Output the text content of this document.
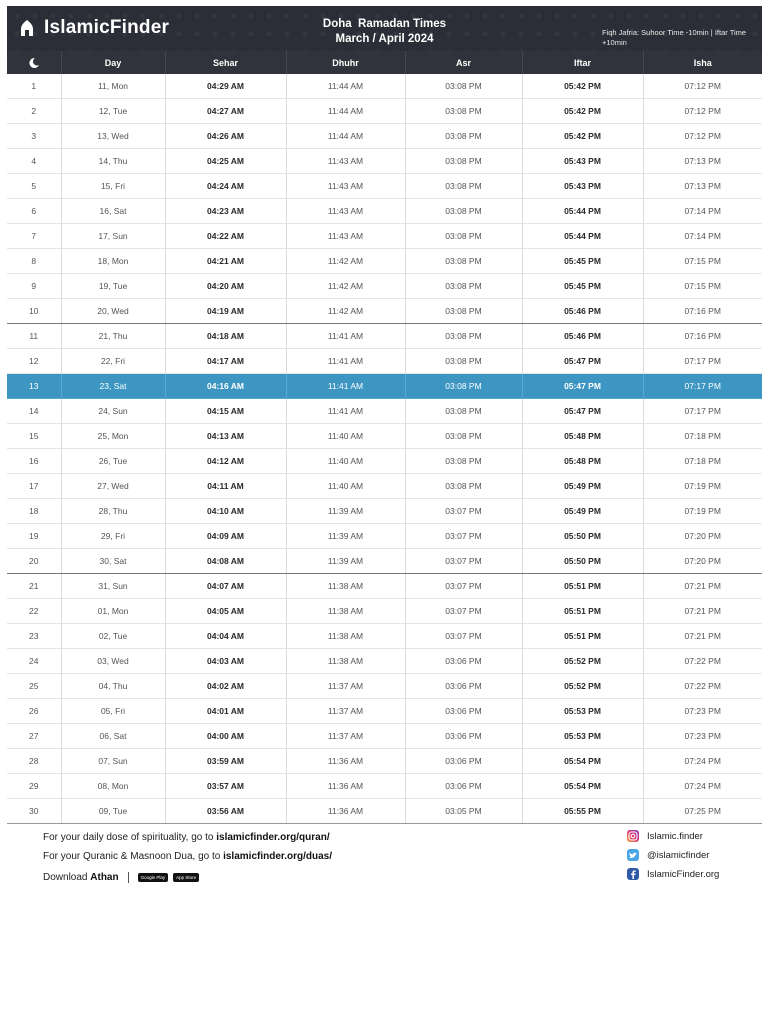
IslamicFinder	Doha  Ramadan Times
March / April 2024
Fiqh Jafria: Suhoor Time -10min | Iftar Time +10min
	Day	Sehar	Dhuhr	Asr	Iftar	Isha
1	11, Mon	04:29 AM	11:44 AM	03:08 PM	05:42 PM	07:12 PM
2	12, Tue	04:27 AM	11:44 AM	03:08 PM	05:42 PM	07:12 PM
3	13, Wed	04:26 AM	11:44 AM	03:08 PM	05:42 PM	07:12 PM
4	14, Thu	04:25 AM	11:43 AM	03:08 PM	05:43 PM	07:13 PM
5	15, Fri	04:24 AM	11:43 AM	03:08 PM	05:43 PM	07:13 PM
6	16, Sat	04:23 AM	11:43 AM	03:08 PM	05:44 PM	07:14 PM
7	17, Sun	04:22 AM	11:43 AM	03:08 PM	05:44 PM	07:14 PM
8	18, Mon	04:21 AM	11:42 AM	03:08 PM	05:45 PM	07:15 PM
9	19, Tue	04:20 AM	11:42 AM	03:08 PM	05:45 PM	07:15 PM
10	20, Wed	04:19 AM	11:42 AM	03:08 PM	05:46 PM	07:16 PM
11	21, Thu	04:18 AM	11:41 AM	03:08 PM	05:46 PM	07:16 PM
12	22, Fri	04:17 AM	11:41 AM	03:08 PM	05:47 PM	07:17 PM
13	23, Sat	04:16 AM	11:41 AM	03:08 PM	05:47 PM	07:17 PM
14	24, Sun	04:15 AM	11:41 AM	03:08 PM	05:47 PM	07:17 PM
15	25, Mon	04:13 AM	11:40 AM	03:08 PM	05:48 PM	07:18 PM
16	26, Tue	04:12 AM	11:40 AM	03:08 PM	05:48 PM	07:18 PM
17	27, Wed	04:11 AM	11:40 AM	03:08 PM	05:49 PM	07:19 PM
18	28, Thu	04:10 AM	11:39 AM	03:07 PM	05:49 PM	07:19 PM
19	29, Fri	04:09 AM	11:39 AM	03:07 PM	05:50 PM	07:20 PM
20	30, Sat	04:08 AM	11:39 AM	03:07 PM	05:50 PM	07:20 PM
21	31, Sun	04:07 AM	11:38 AM	03:07 PM	05:51 PM	07:21 PM
22	01, Mon	04:05 AM	11:38 AM	03:07 PM	05:51 PM	07:21 PM
23	02, Tue	04:04 AM	11:38 AM	03:07 PM	05:51 PM	07:21 PM
24	03, Wed	04:03 AM	11:38 AM	03:06 PM	05:52 PM	07:22 PM
25	04, Thu	04:02 AM	11:37 AM	03:06 PM	05:52 PM	07:22 PM
26	05, Fri	04:01 AM	11:37 AM	03:06 PM	05:53 PM	07:23 PM
27	06, Sat	04:00 AM	11:37 AM	03:06 PM	05:53 PM	07:23 PM
28	07, Sun	03:59 AM	11:36 AM	03:06 PM	05:54 PM	07:24 PM
29	08, Mon	03:57 AM	11:36 AM	03:06 PM	05:54 PM	07:24 PM
30	09, Tue	03:56 AM	11:36 AM	03:05 PM	05:55 PM	07:25 PM
For your daily dose of spirituality, go to islamicfinder.org/quran/
For your Quranic & Masnoon Dua, go to islamicfinder.org/duas/
Download Athan	Google Play	App Store
Islamic.finder
@islamicfinder
IslamicFinder.org
